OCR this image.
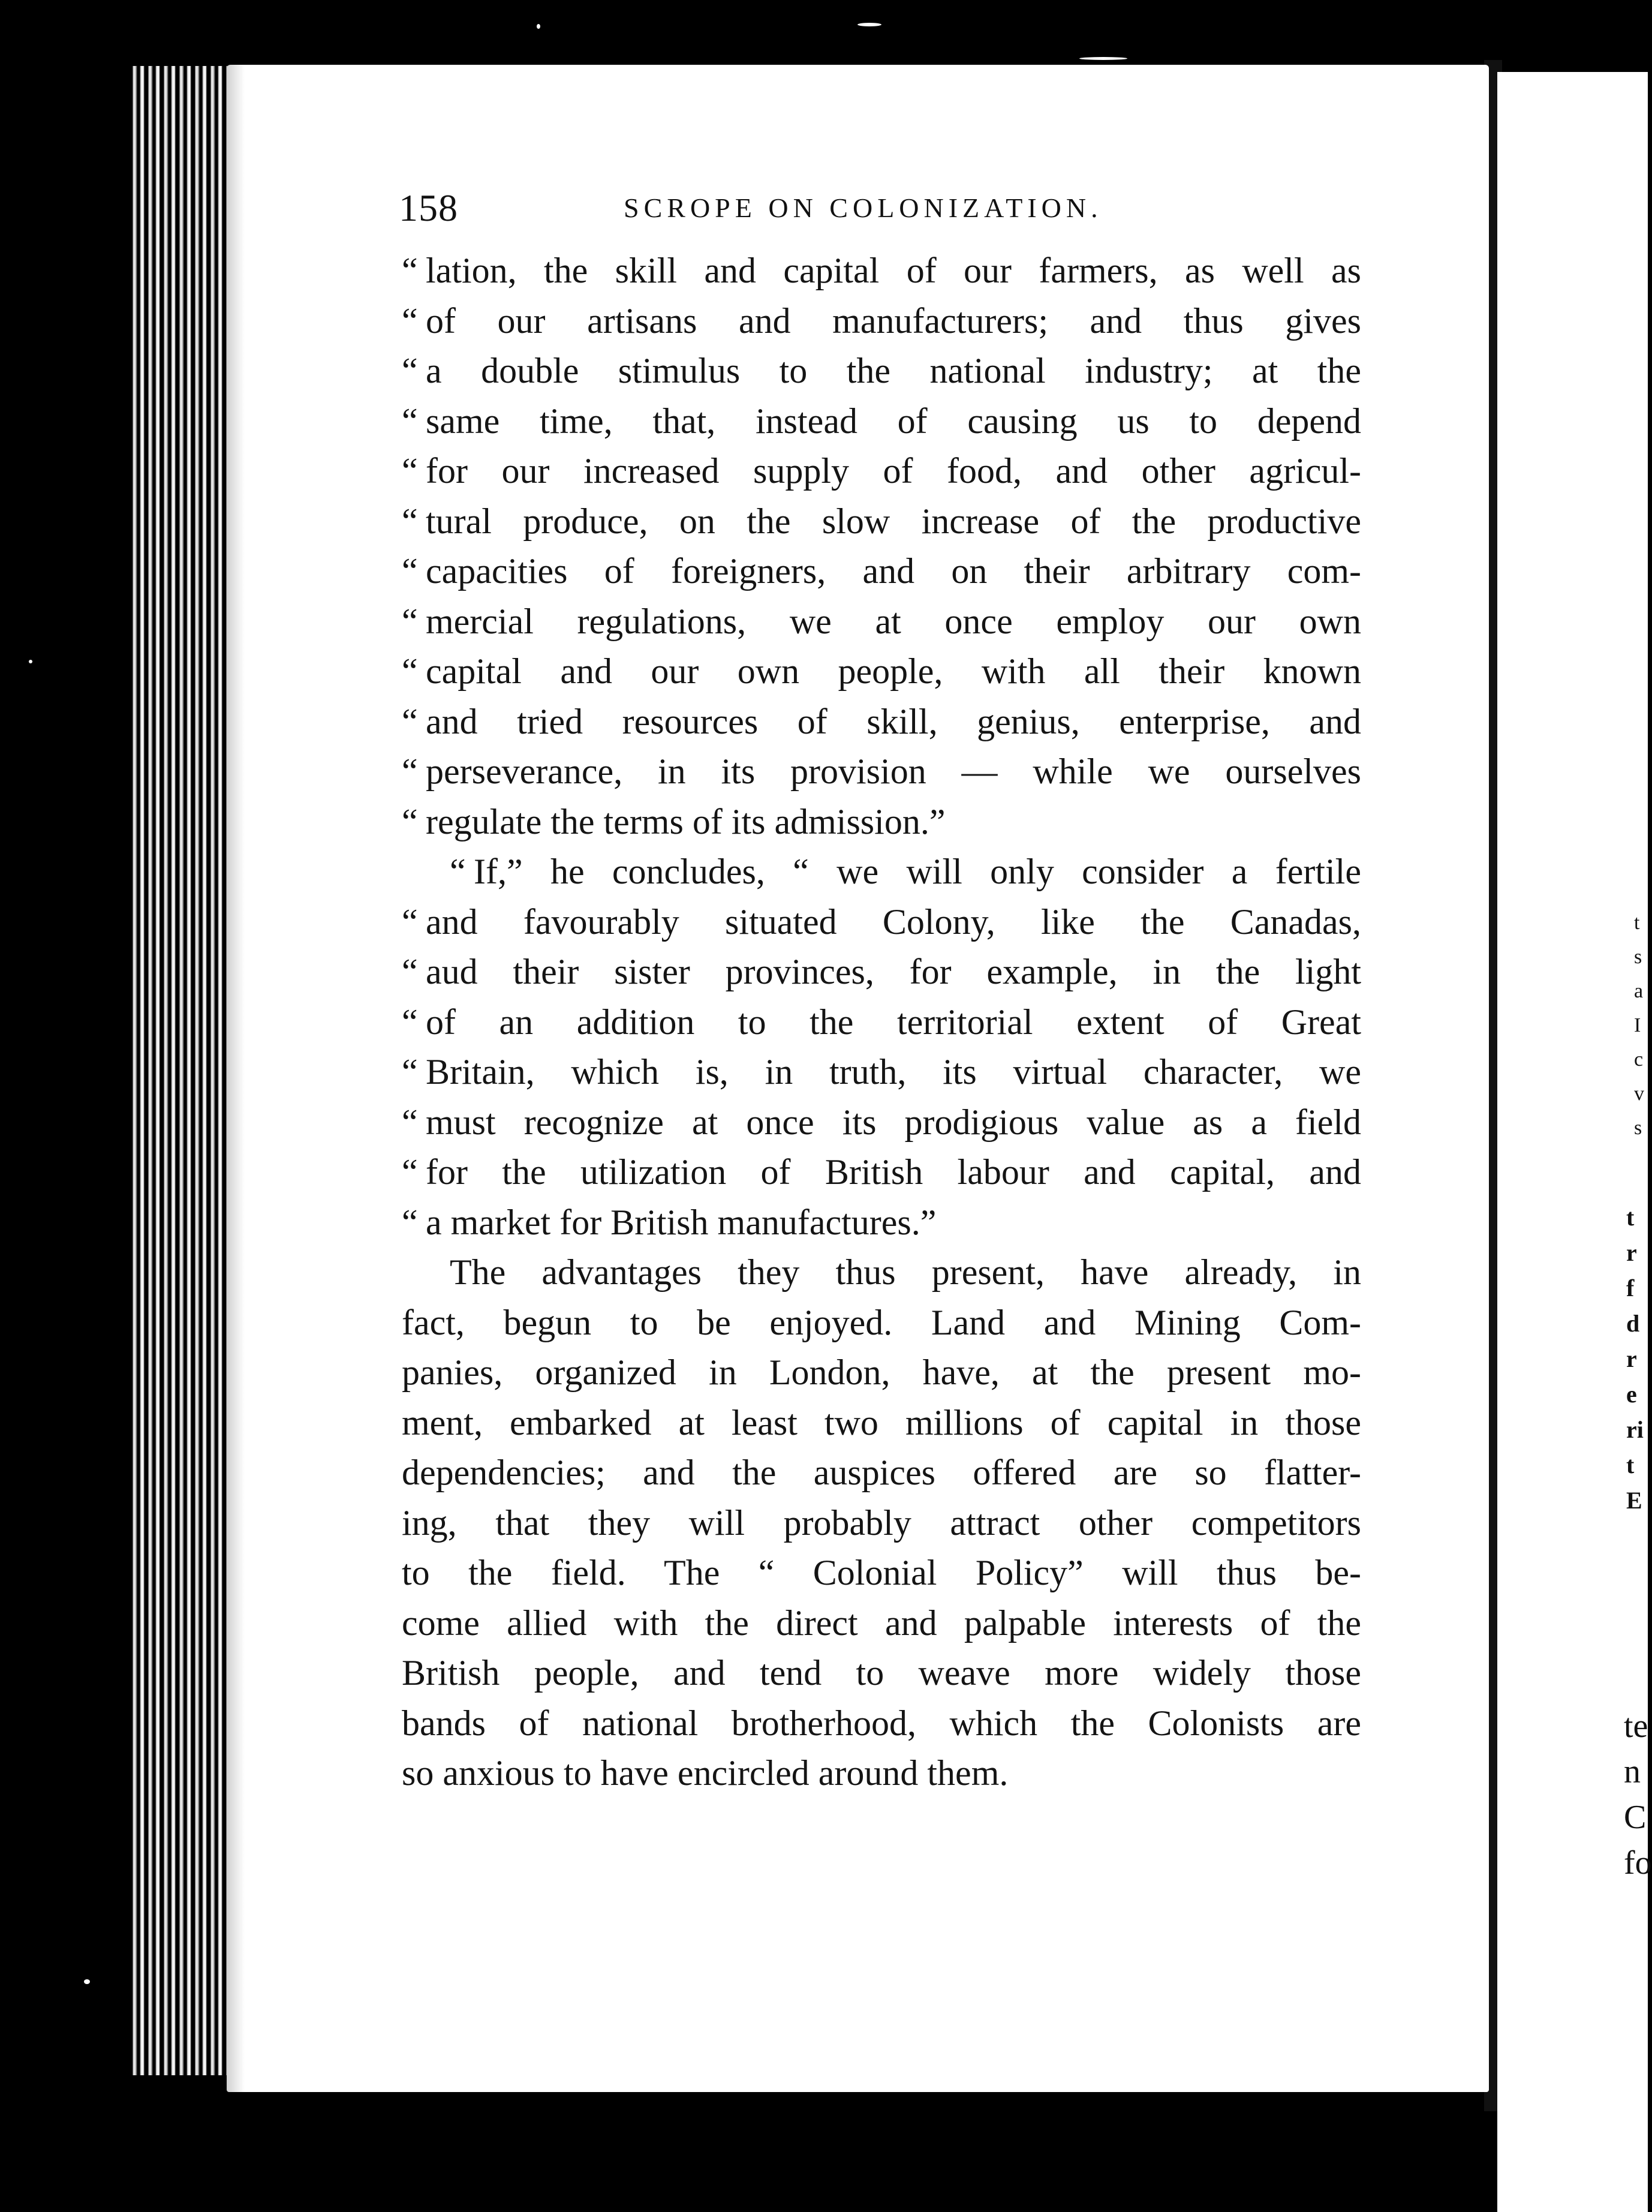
158	SCROPE ON COLONIZATION.
“ lation, the skill and capital of our farmers, as well as
“ of our artisans and manufacturers; and thus gives
“ a double stimulus to the national industry; at the
“ same time, that, instead of causing us to depend
“ for our increased supply of food, and other agricul-
“ tural produce, on the slow increase of the productive
“ capacities of foreigners, and on their arbitrary com-
“ mercial regulations, we at once employ our own
“ capital and our own people, with all their known
“ and tried resources of skill, genius, enterprise, and
“ perseverance, in its provision — while we ourselves
“ regulate the terms of its admission.”
“ If,” he concludes, “ we will only consider a fertile
“ and favourably situated Colony, like the Canadas,
“ aud their sister provinces, for example, in the light
“ of an addition to the territorial extent of Great
“ Britain, which is, in truth, its virtual character, we
“ must recognize at once its prodigious value as a field
“ for the utilization of British labour and capital, and
“ a market for British manufactures.”
The advantages they thus present, have already, in
fact, begun to be enjoyed. Land and Mining Com-
panies, organized in London, have, at the present mo-
ment, embarked at least two millions of capital in those
dependencies; and the auspices offered are so flatter-
ing, that they will probably attract other competitors
to the field. The “ Colonial Policy” will thus be-
come allied with the direct and palpable interests of the
British people, and tend to weave more widely those
bands of national brotherhood, which the Colonists are
so anxious to have encircled around them.
t
s
a
I
c
v
s
t
r
f
d
r
e
ri
t
E
te
n
C
fo
